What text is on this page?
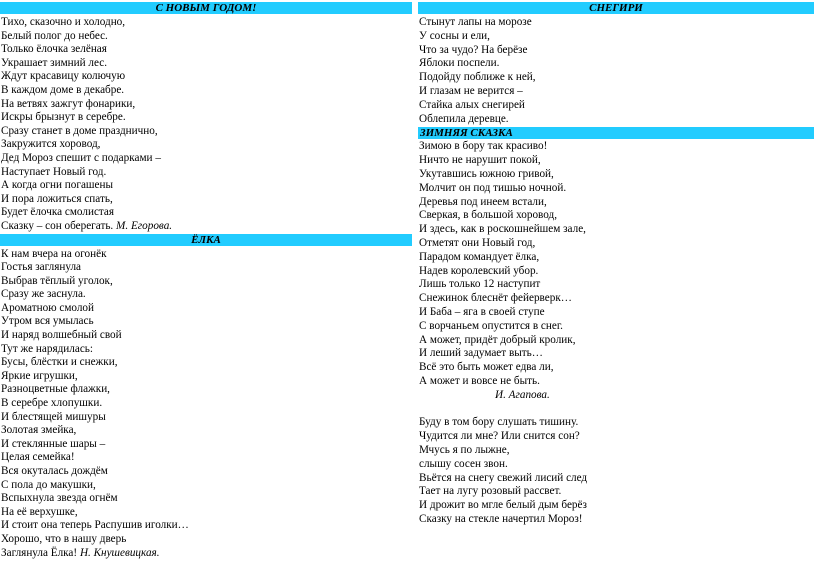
С НОВЫМ ГОДОМ!
Тихо, сказочно и холодно,
Белый полог до небес.
Только ёлочка зелёная
Украшает зимний лес.
Ждут красавицу колючую
В каждом доме в декабре.
На ветвях зажгут фонарики,
Искры брызнут в серебре.
Сразу станет в доме празднично,
Закружится хоровод,
Дед Мороз спешит с подарками –
Наступает Новый год.
А когда огни погашены
И пора ложиться спать,
Будет ёлочка смолистая
Сказку – сон оберегать. М. Егорова.
ЁЛКА
К нам вчера на огонёк
Гостья заглянула
Выбрав тёплый уголок,
Сразу же заснула.
Ароматною смолой
Утром вся умылась
И наряд волшебный свой
Тут же нарядилась:
Бусы, блёстки и снежки,
Яркие игрушки,
Разноцветные флажки,
В серебре хлопушки.
И блестящей мишуры
Золотая змейка,
И стеклянные шары –
Целая семейка!
Вся окуталась дождём
С пола до макушки,
Вспыхнула звезда огнём
На её верхушке,
И стоит она теперь Распушив иголки…
Хорошо, что в нашу дверь
Заглянула Ёлка! Н. Кнушевицкая.
СНЕГИРИ
Стынут лапы на морозе
У сосны и ели,
Что за чудо? На берёзе
Яблоки поспели.
Подойду поближе к ней,
И глазам не верится –
Стайка алых снегирей
Облепила деревце.
ЗИМНЯЯ СКАЗКА
Зимою в бору так красиво!
Ничто не нарушит покой,
Укутавшись южною гривой,
Молчит он под тишью ночной.
Деревья под инеем встали,
Сверкая, в большой хоровод,
И здесь, как в роскошнейшем зале,
Отметят они Новый год,
Парадом командует ёлка,
Надев королевский убор.
Лишь только 12 наступит
Снежинок блеснёт фейерверк…
И Баба – яга в своей ступе
С ворчаньем опустится в снег.
А может, придёт добрый кролик,
И леший задумает выть…
Всё это быть может едва ли,
А может и вовсе не быть.
И. Агапова.
Буду в том бору слушать тишину.
Чудится ли мне? Или снится сон?
Мчусь я по лыжне,
слышу сосен звон.
Вьётся на снегу свежий лисий след
Тает на лугу розовый рассвет.
И дрожит во мгле белый дым берёз
Сказку на стекле начертил Мороз!
